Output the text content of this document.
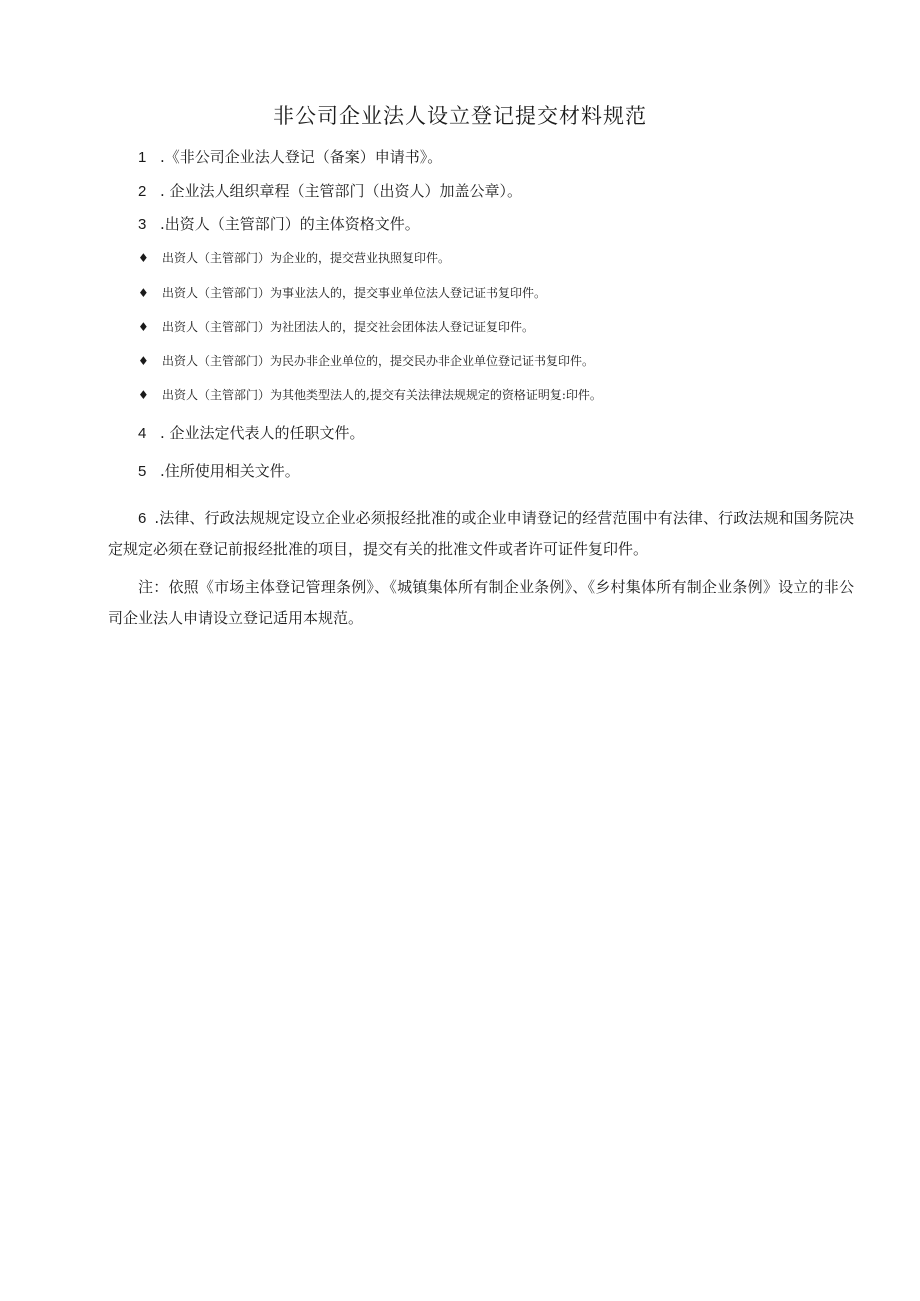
非公司企业法人设立登记提交材料规范
1 .《非公司企业法人登记（备案）申请书》。
2 . 企业法人组织章程（主管部门（出资人）加盖公章）。
3 .出资人（主管部门）的主体资格文件。
♦ 出资人（主管部门）为企业的，提交营业执照复印件。
♦ 出资人（主管部门）为事业法人的，提交事业单位法人登记证书复印件。
♦ 出资人（主管部门）为社团法人的，提交社会团体法人登记证复印件。
♦ 出资人（主管部门）为民办非企业单位的，提交民办非企业单位登记证书复印件。
♦ 出资人（主管部门）为其他类型法人的,提交有关法律法规规定的资格证明复:印件。
4 . 企业法定代表人的任职文件。
5 .住所使用相关文件。
6 .法律、行政法规规定设立企业必须报经批准的或企业申请登记的经营范围中有法律、行政法规和国务院决定规定必须在登记前报经批准的项目，提交有关的批准文件或者许可证件复印件。
注：依照《市场主体登记管理条例》、《城镇集体所有制企业条例》、《乡村集体所有制企业条例》设立的非公司企业法人申请设立登记适用本规范。
